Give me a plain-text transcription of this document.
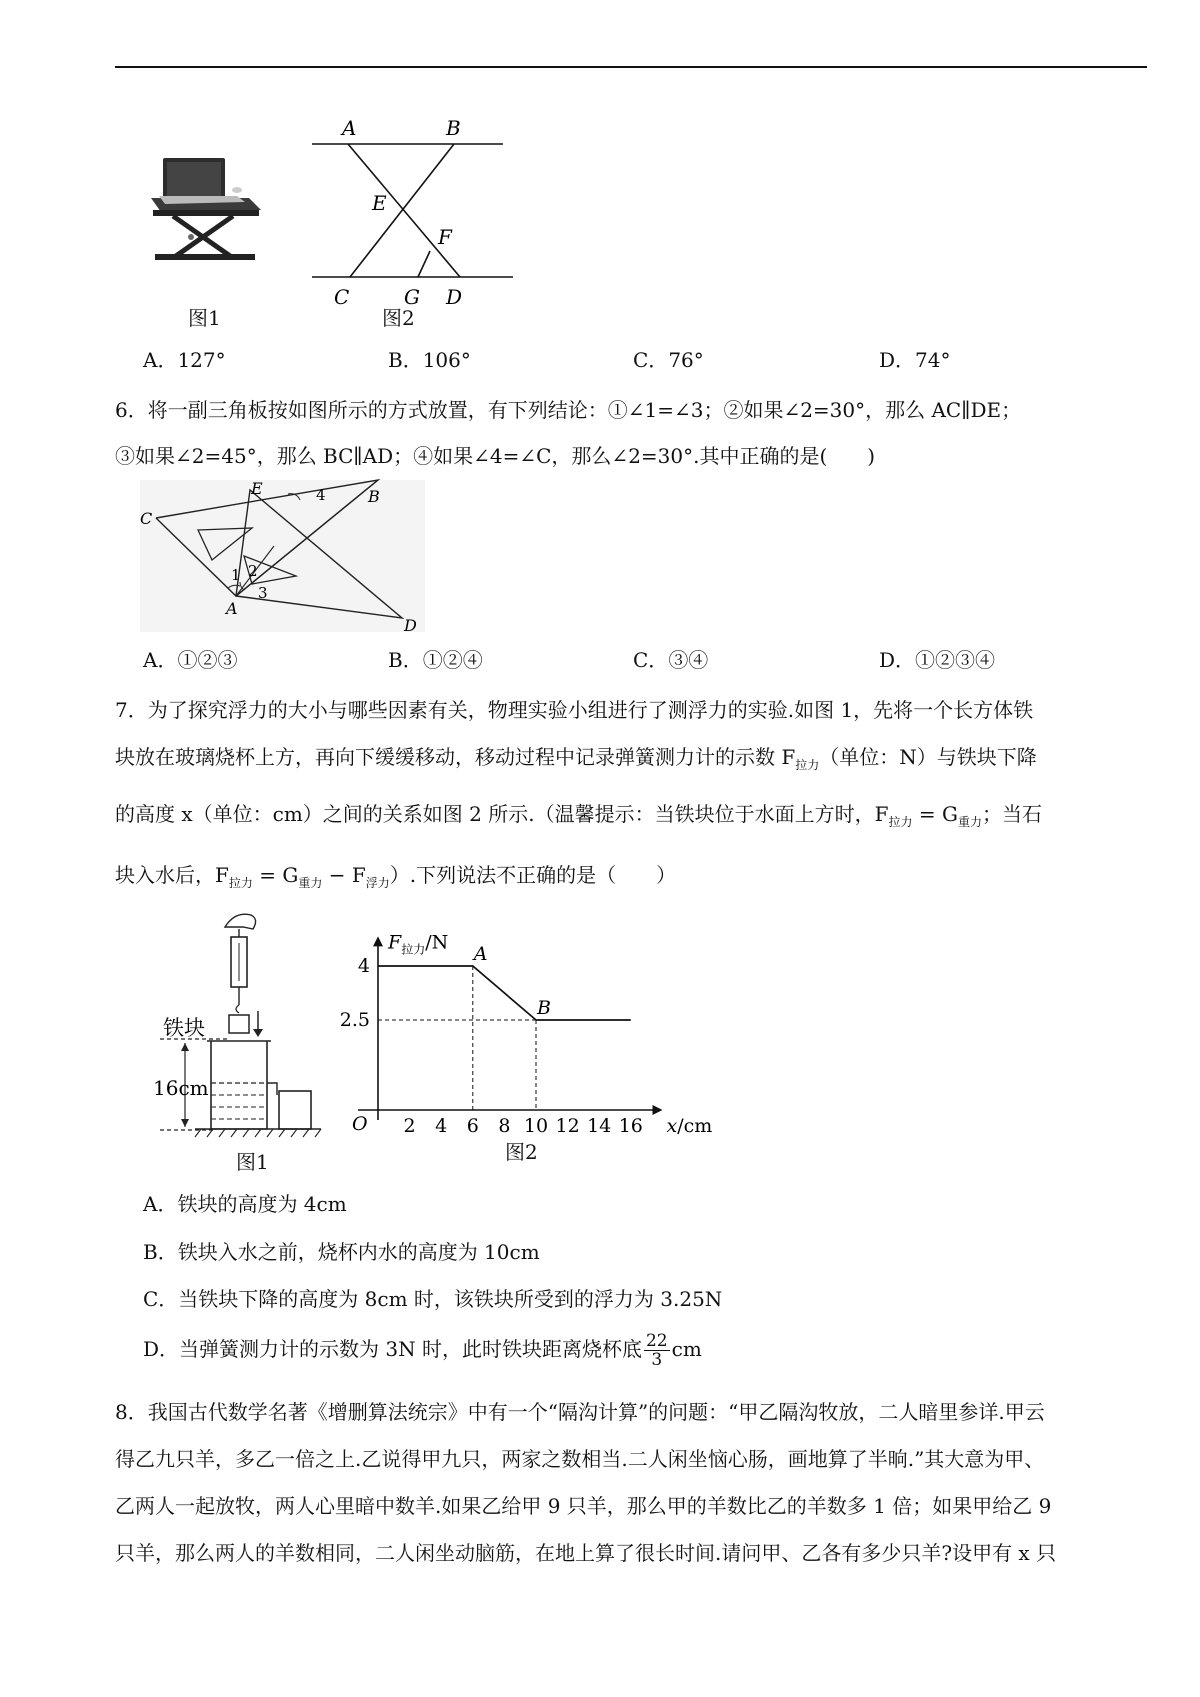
A	B
E
F
C	G D
图1	图2
A．127°	B．106°	C．76°	D．74°
6．将一副三角板按如图所示的方式放置，有下列结论：①∠1=∠3；②如果∠2=30°，那么 AC∥DE；
③如果∠2=45°，那么 BC∥AD；④如果∠4=∠C，那么∠2=30°.其中正确的是(　　)
C
E	4	B
1 2
3
A
D
A．①②③	B．①②④	C．③④	D．①②③④
7．为了探究浮力的大小与哪些因素有关，物理实验小组进行了测浮力的实验.如图 1，先将一个长方体铁
块放在玻璃烧杯上方，再向下缓缓移动，移动过程中记录弹簧测力计的示数 $F_{拉力}$（单位：N）与铁块下降
的高度 x（单位：cm）之间的关系如图 2 所示.（温馨提示：当铁块位于水面上方时，$F_{拉力} = G_{重力}$；当石
块入水后，$F_{拉力} = G_{重力} - F_{浮力}$）.下列说法不正确的是（　　）
铁块
16cm
图1
O 2 4 6 8 10 12 14 16
4
2.5
x/cm
$F_{拉力}/N$
A
B
图2
A．铁块的高度为 4cm
B．铁块入水之前，烧杯内水的高度为 10cm
C．当铁块下降的高度为 8cm 时，该铁块所受到的浮力为 3.25N
D．当弹簧测力计的示数为 3N 时，此时铁块距离烧杯底 $\frac{22}{3}$ cm
8．我国古代数学名著《增删算法统宗》中有一个“隔沟计算”的问题：“甲乙隔沟牧放，二人暗里参详.甲云
得乙九只羊，多乙一倍之上.乙说得甲九只，两家之数相当.二人闲坐恼心肠，画地算了半晌.”其大意为甲、
乙两人一起放牧，两人心里暗中数羊.如果乙给甲 9 只羊，那么甲的羊数比乙的羊数多 1 倍；如果甲给乙 9
只羊，那么两人的羊数相同，二人闲坐动脑筋，在地上算了很长时间.请问甲、乙各有多少只羊?设甲有 x 只
